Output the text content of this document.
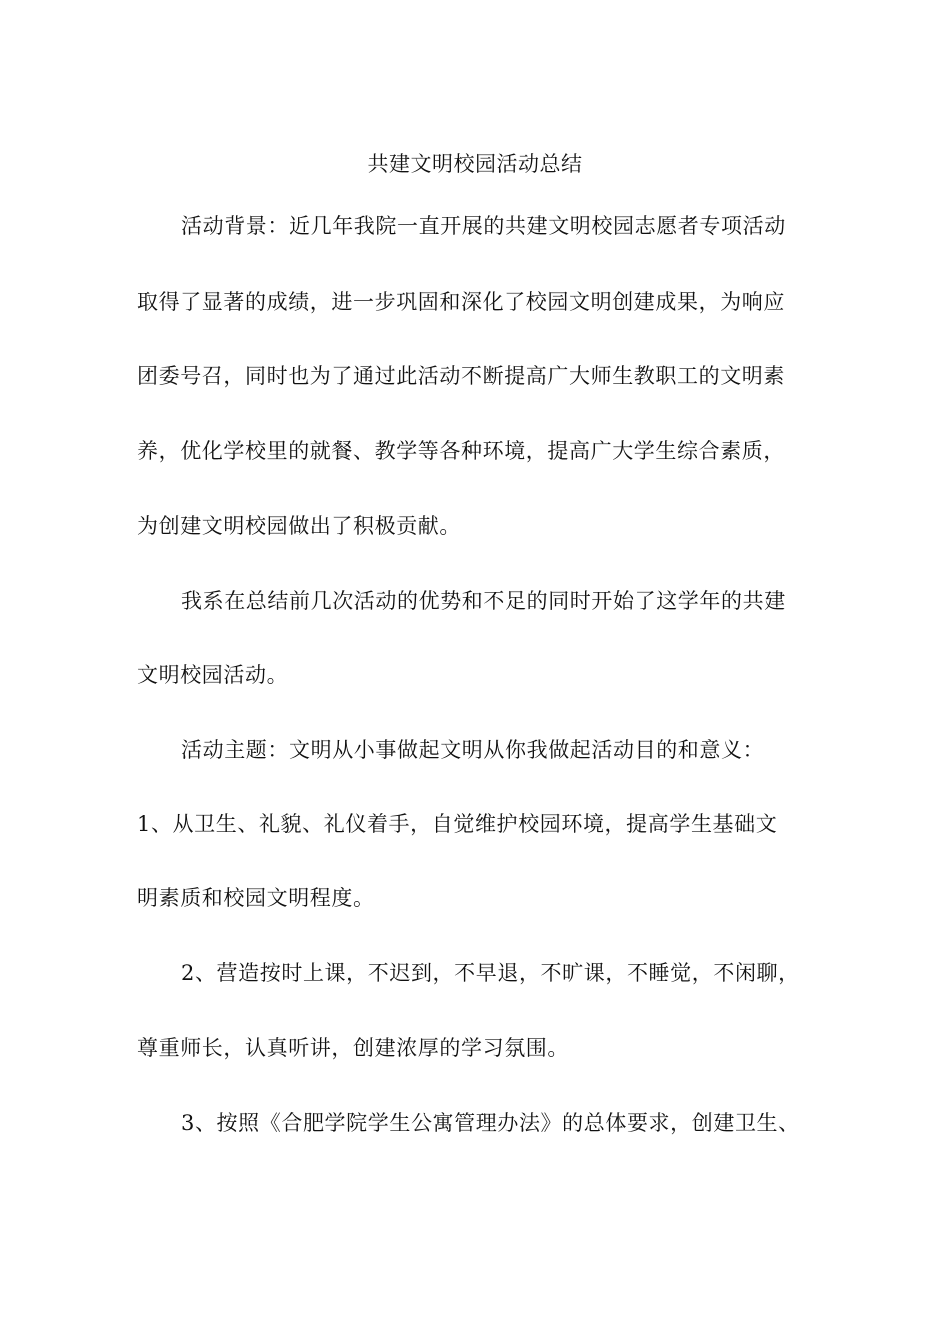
共建文明校园活动总结
活动背景：近几年我院一直开展的共建文明校园志愿者专项活动
取得了显著的成绩，进一步巩固和深化了校园文明创建成果，为响应
团委号召，同时也为了通过此活动不断提高广大师生教职工的文明素
养，优化学校里的就餐、教学等各种环境，提高广大学生综合素质，
为创建文明校园做出了积极贡献。
我系在总结前几次活动的优势和不足的同时开始了这学年的共建
文明校园活动。
活动主题：文明从小事做起文明从你我做起活动目的和意义：
1、从卫生、礼貌、礼仪着手，自觉维护校园环境，提高学生基础文
明素质和校园文明程度。
2、营造按时上课，不迟到，不早退，不旷课，不睡觉，不闲聊，
尊重师长，认真听讲，创建浓厚的学习氛围。
3、按照《合肥学院学生公寓管理办法》的总体要求，创建卫生、
